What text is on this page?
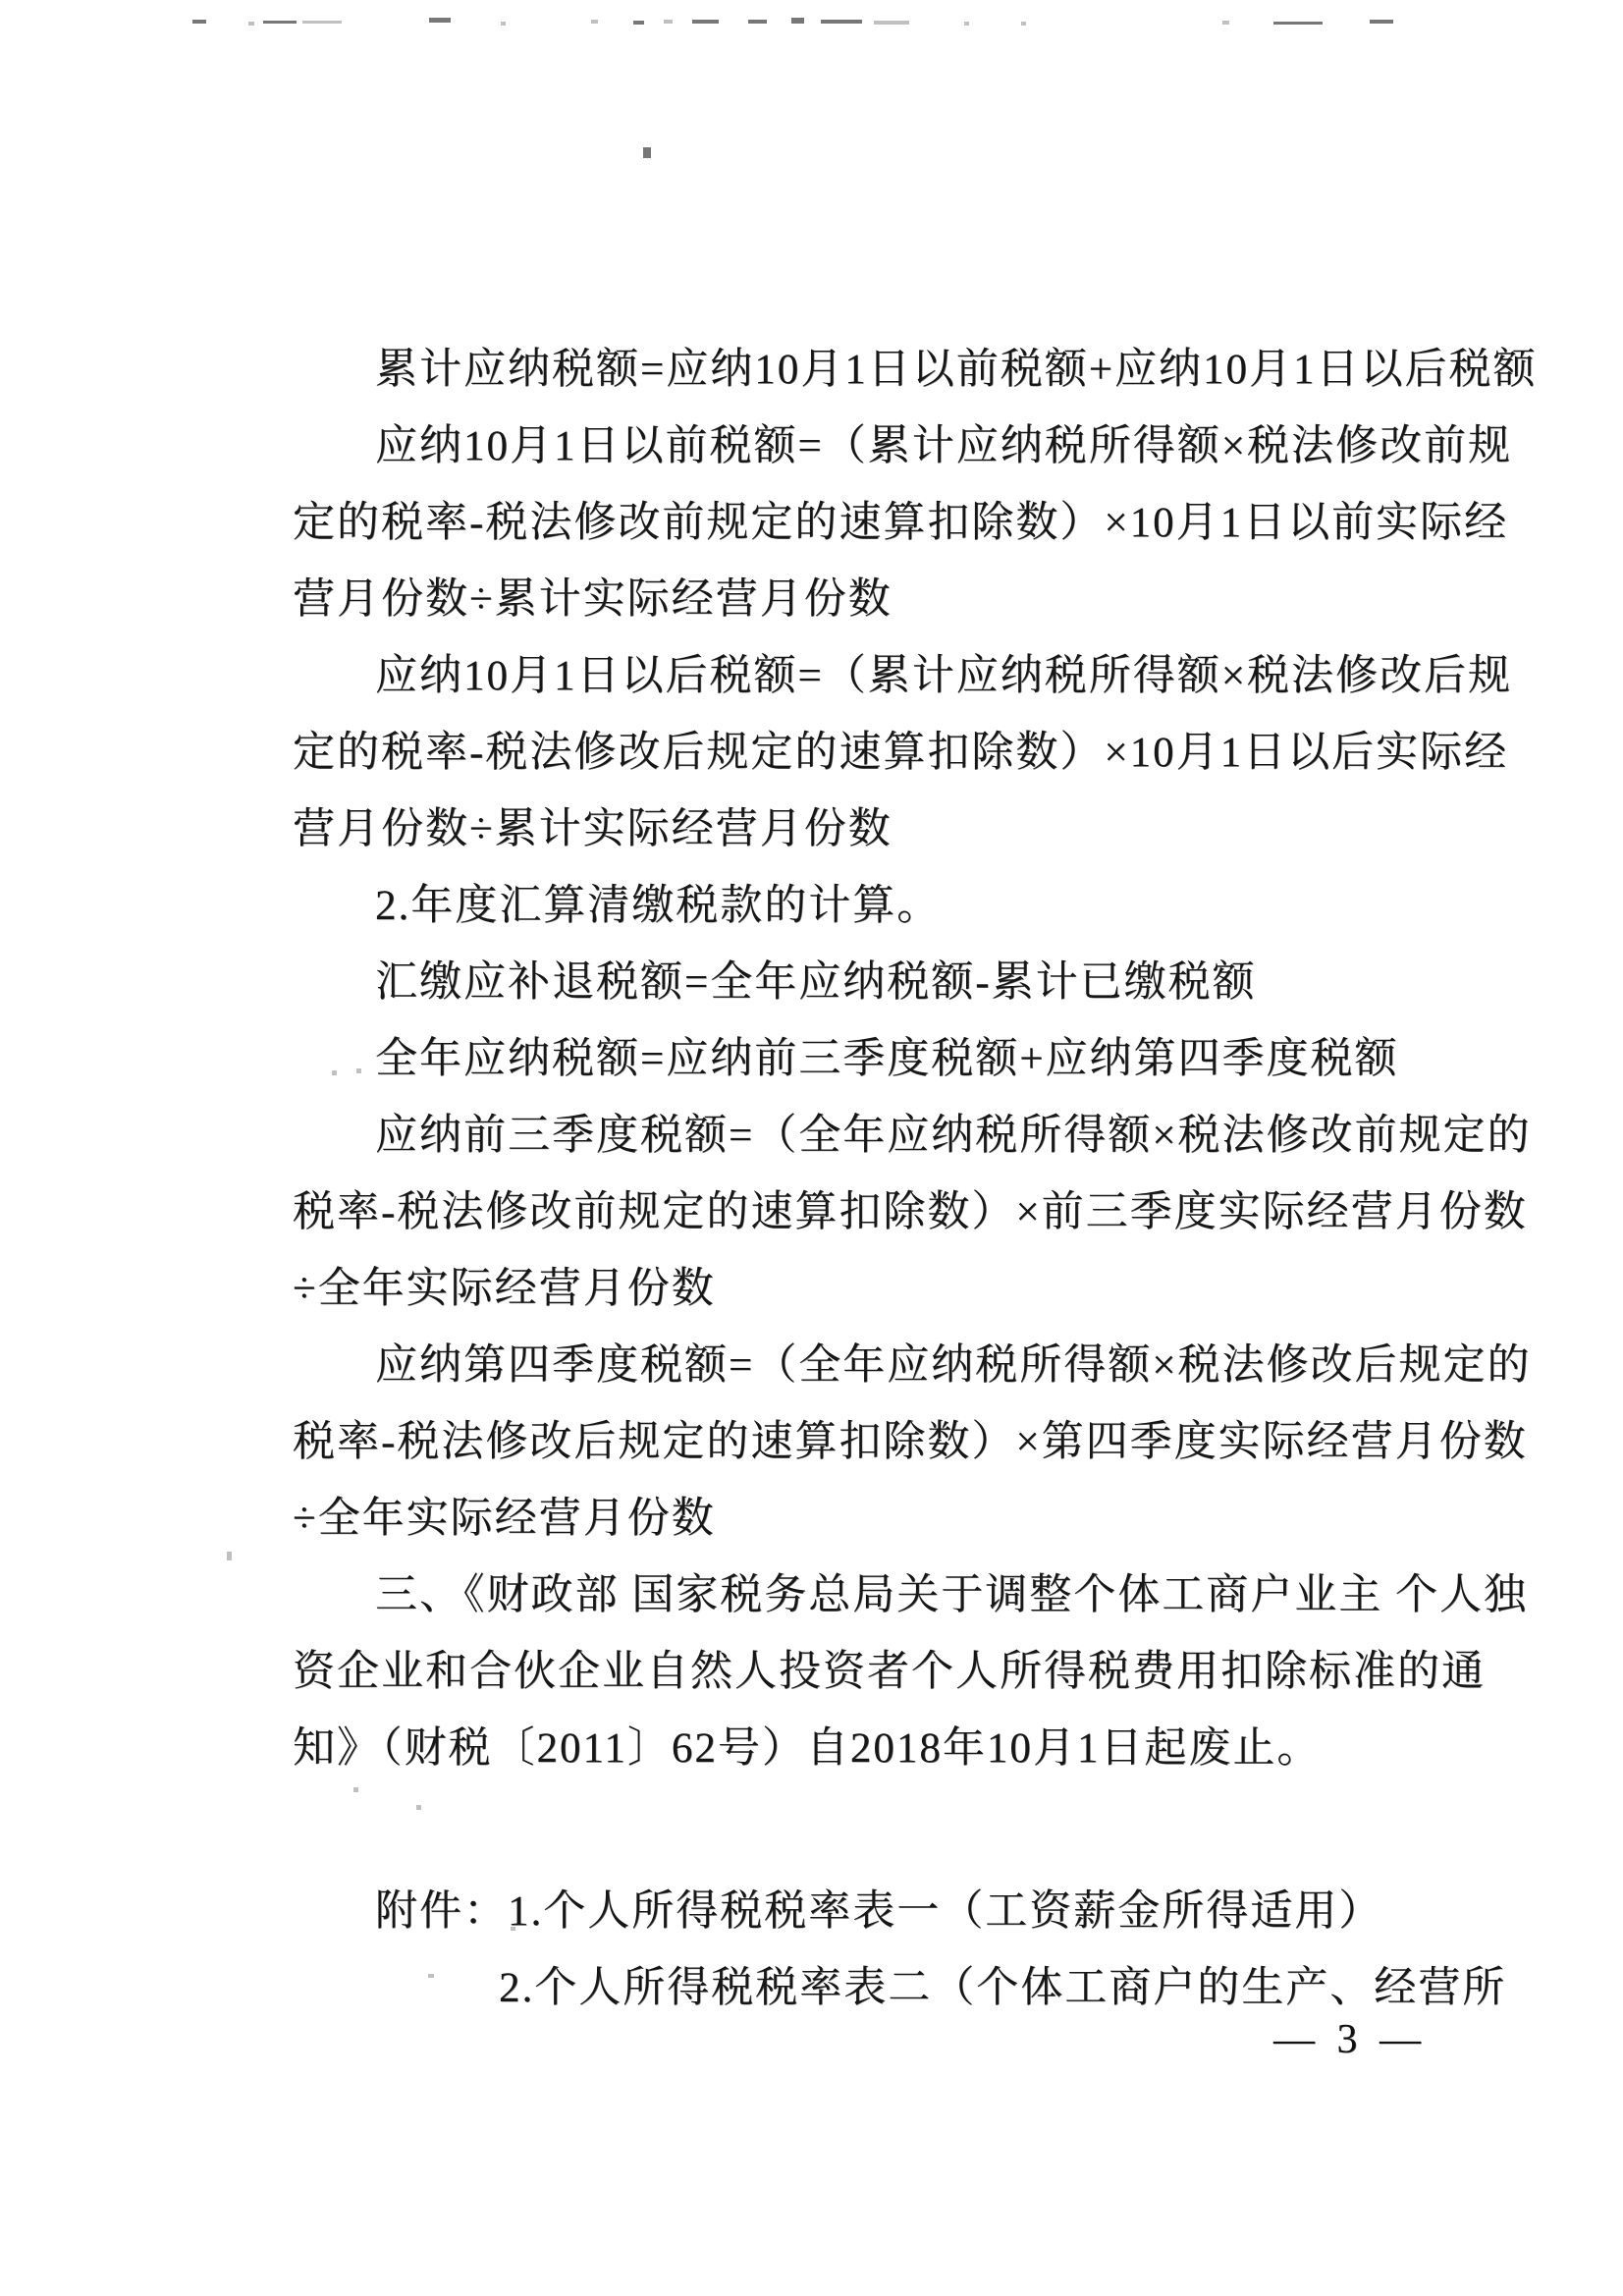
累计应纳税额=应纳10月1日以前税额+应纳10月1日以后税额
应纳10月1日以前税额=（累计应纳税所得额×税法修改前规
定的税率-税法修改前规定的速算扣除数）×10月1日以前实际经
营月份数÷累计实际经营月份数
应纳10月1日以后税额=（累计应纳税所得额×税法修改后规
定的税率-税法修改后规定的速算扣除数）×10月1日以后实际经
营月份数÷累计实际经营月份数
2.年度汇算清缴税款的计算。
汇缴应补退税额=全年应纳税额-累计已缴税额
全年应纳税额=应纳前三季度税额+应纳第四季度税额
应纳前三季度税额=（全年应纳税所得额×税法修改前规定的
税率-税法修改前规定的速算扣除数）×前三季度实际经营月份数
÷全年实际经营月份数
应纳第四季度税额=（全年应纳税所得额×税法修改后规定的
税率-税法修改后规定的速算扣除数）×第四季度实际经营月份数
÷全年实际经营月份数
三、《财政部 国家税务总局关于调整个体工商户业主 个人独
资企业和合伙企业自然人投资者个人所得税费用扣除标准的通
知》（财税〔2011〕62号）自2018年10月1日起废止。
附件：1.个人所得税税率表一（工资薪金所得适用）
2.个人所得税税率表二（个体工商户的生产、经营所
— 3 —
